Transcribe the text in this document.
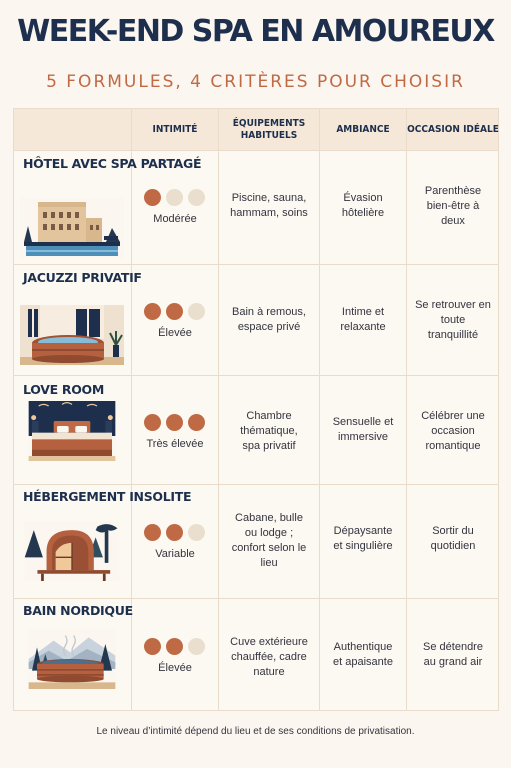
WEEK-END SPA EN AMOUREUX
5 FORMULES, 4 CRITÈRES POUR CHOISIR
INTIMITÉ
ÉQUIPEMENTS HABITUELS
AMBIANCE	OCCASION IDÉALE
HÔTEL AVEC SPA PARTAGÉ
Modérée
Piscine, sauna, hammam, soins
Évasion hôtelière
Parenthèse bien-être à deux
JACUZZI PRIVATIF
Élevée
Bain à remous, espace privé
Intime et relaxante
Se retrouver en toute tranquillité
LOVE ROOM
Très élevée
Chambre thématique, spa privatif
Sensuelle et immersive
Célébrer une occasion romantique
HÉBERGEMENT INSOLITE
Variable
Cabane, bulle ou lodge ; confort selon le lieu
Dépaysante et singulière
Sortir du quotidien
BAIN NORDIQUE
Élevée
Cuve extérieure chauffée, cadre nature
Authentique et apaisante
Se détendre au grand air
Le niveau d’intimité dépend du lieu et de ses conditions de privatisation.
